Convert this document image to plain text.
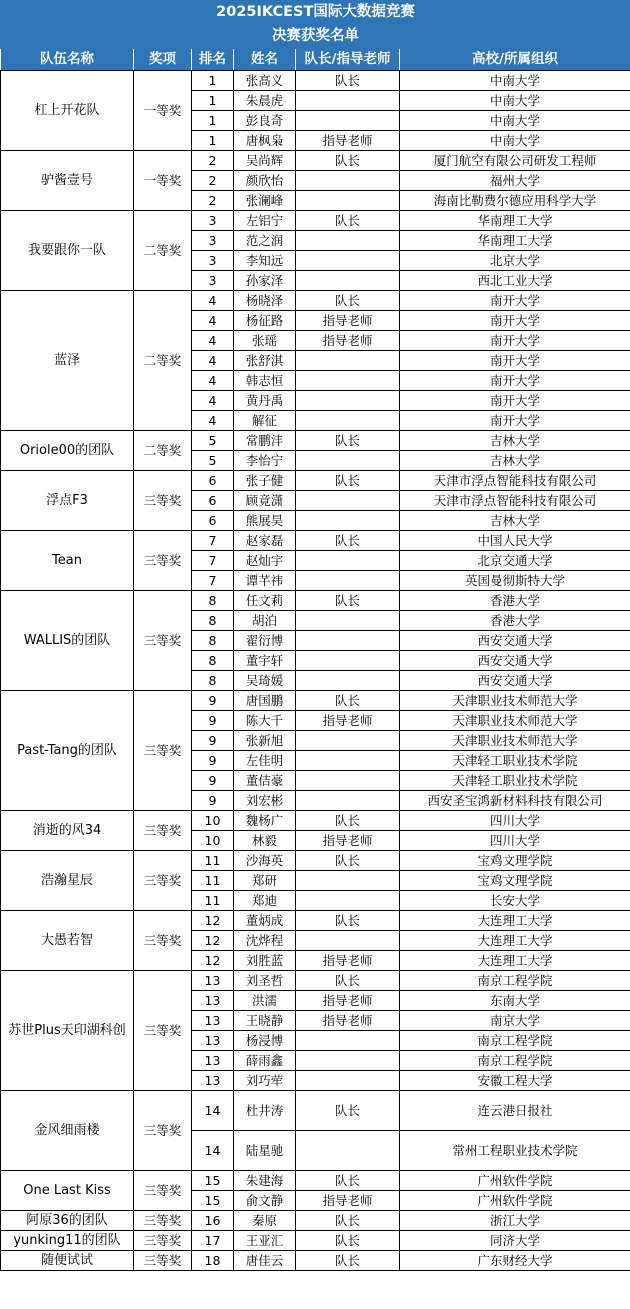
2025IKCEST国际大数据竞赛					
决赛获奖名单					
队伍名称	奖项	排名	姓名	队长/指导老师	高校/所属组织
杠上开花队	一等奖	1	张高义	队长	中南大学
		1	朱晨虎		中南大学
		1	彭良奇		中南大学
		1	唐枫枭	指导老师	中南大学
驴酱壹号	一等奖	2	吴尚辉	队长	厦门航空有限公司研发工程师
		2	颜欣怡		福州大学
		2	张澜峰		海南比勒费尔德应用科学大学
我要跟你一队	二等奖	3	左铝宁	队长	华南理工大学
		3	范之润		华南理工大学
		3	李知远		北京大学
		3	孙家泽		西北工业大学
蓝泽	二等奖	4	杨晓泽	队长	南开大学
		4	杨征路	指导老师	南开大学
		4	张瑶	指导老师	南开大学
		4	张舒淇		南开大学
		4	韩志恒		南开大学
		4	黄丹禹		南开大学
		4	解征		南开大学
Oriole00的团队	二等奖	5	常鹏沣	队长	吉林大学
		5	李怡宁		吉林大学
浮点F3	三等奖	6	张子健	队长	天津市浮点智能科技有限公司
		6	顾竟潇		天津市浮点智能科技有限公司
		6	熊展昊		吉林大学
Tean	三等奖	7	赵家磊	队长	中国人民大学
		7	赵灿宇		北京交通大学
		7	谭芊祎		英国曼彻斯特大学
WALLIS的团队	三等奖	8	任文莉	队长	香港大学
		8	胡泊		香港大学
		8	翟衍博		西安交通大学
		8	董宇轩		西安交通大学
		8	吴琦媛		西安交通大学
Past-Tang的团队	三等奖	9	唐国鹏	队长	天津职业技术师范大学
		9	陈大千	指导老师	天津职业技术师范大学
		9	张新旭		天津职业技术师范大学
		9	左佳明		天津轻工职业技术学院
		9	董佶豪		天津轻工职业技术学院
		9	刘宏彬		西安圣宝鸿新材料科技有限公司
消逝的风34	三等奖	10	魏杨广	队长	四川大学
		10	林毅	指导老师	四川大学
浩瀚星辰	三等奖	11	沙海英	队长	宝鸡文理学院
		11	郑研		宝鸡文理学院
		11	郑迪		长安大学
大愚若智	三等奖	12	董炳成	队长	大连理工大学
		12	沈烨程		大连理工大学
		12	刘胜蓝	指导老师	大连理工大学
苏世Plus天印湖科创	三等奖	13	刘圣哲	队长	南京工程学院
		13	洪濡	指导老师	东南大学
		13	王晓静	指导老师	南京大学
		13	杨浸博		南京工程学院
		13	薛雨鑫		南京工程学院
		13	刘巧荦		安徽工程大学
金风细雨楼	三等奖	14	杜井涛	队长	连云港日报社
		14	陆星驰		常州工程职业技术学院
One Last Kiss	三等奖	15	朱建海	队长	广州软件学院
		15	俞文静	指导老师	广州软件学院
阿原36的团队	三等奖	16	秦原	队长	浙江大学
yunking11的团队	三等奖	17	王亚汇	队长	同济大学
随便试试	三等奖	18	唐佳云	队长	广东财经大学
